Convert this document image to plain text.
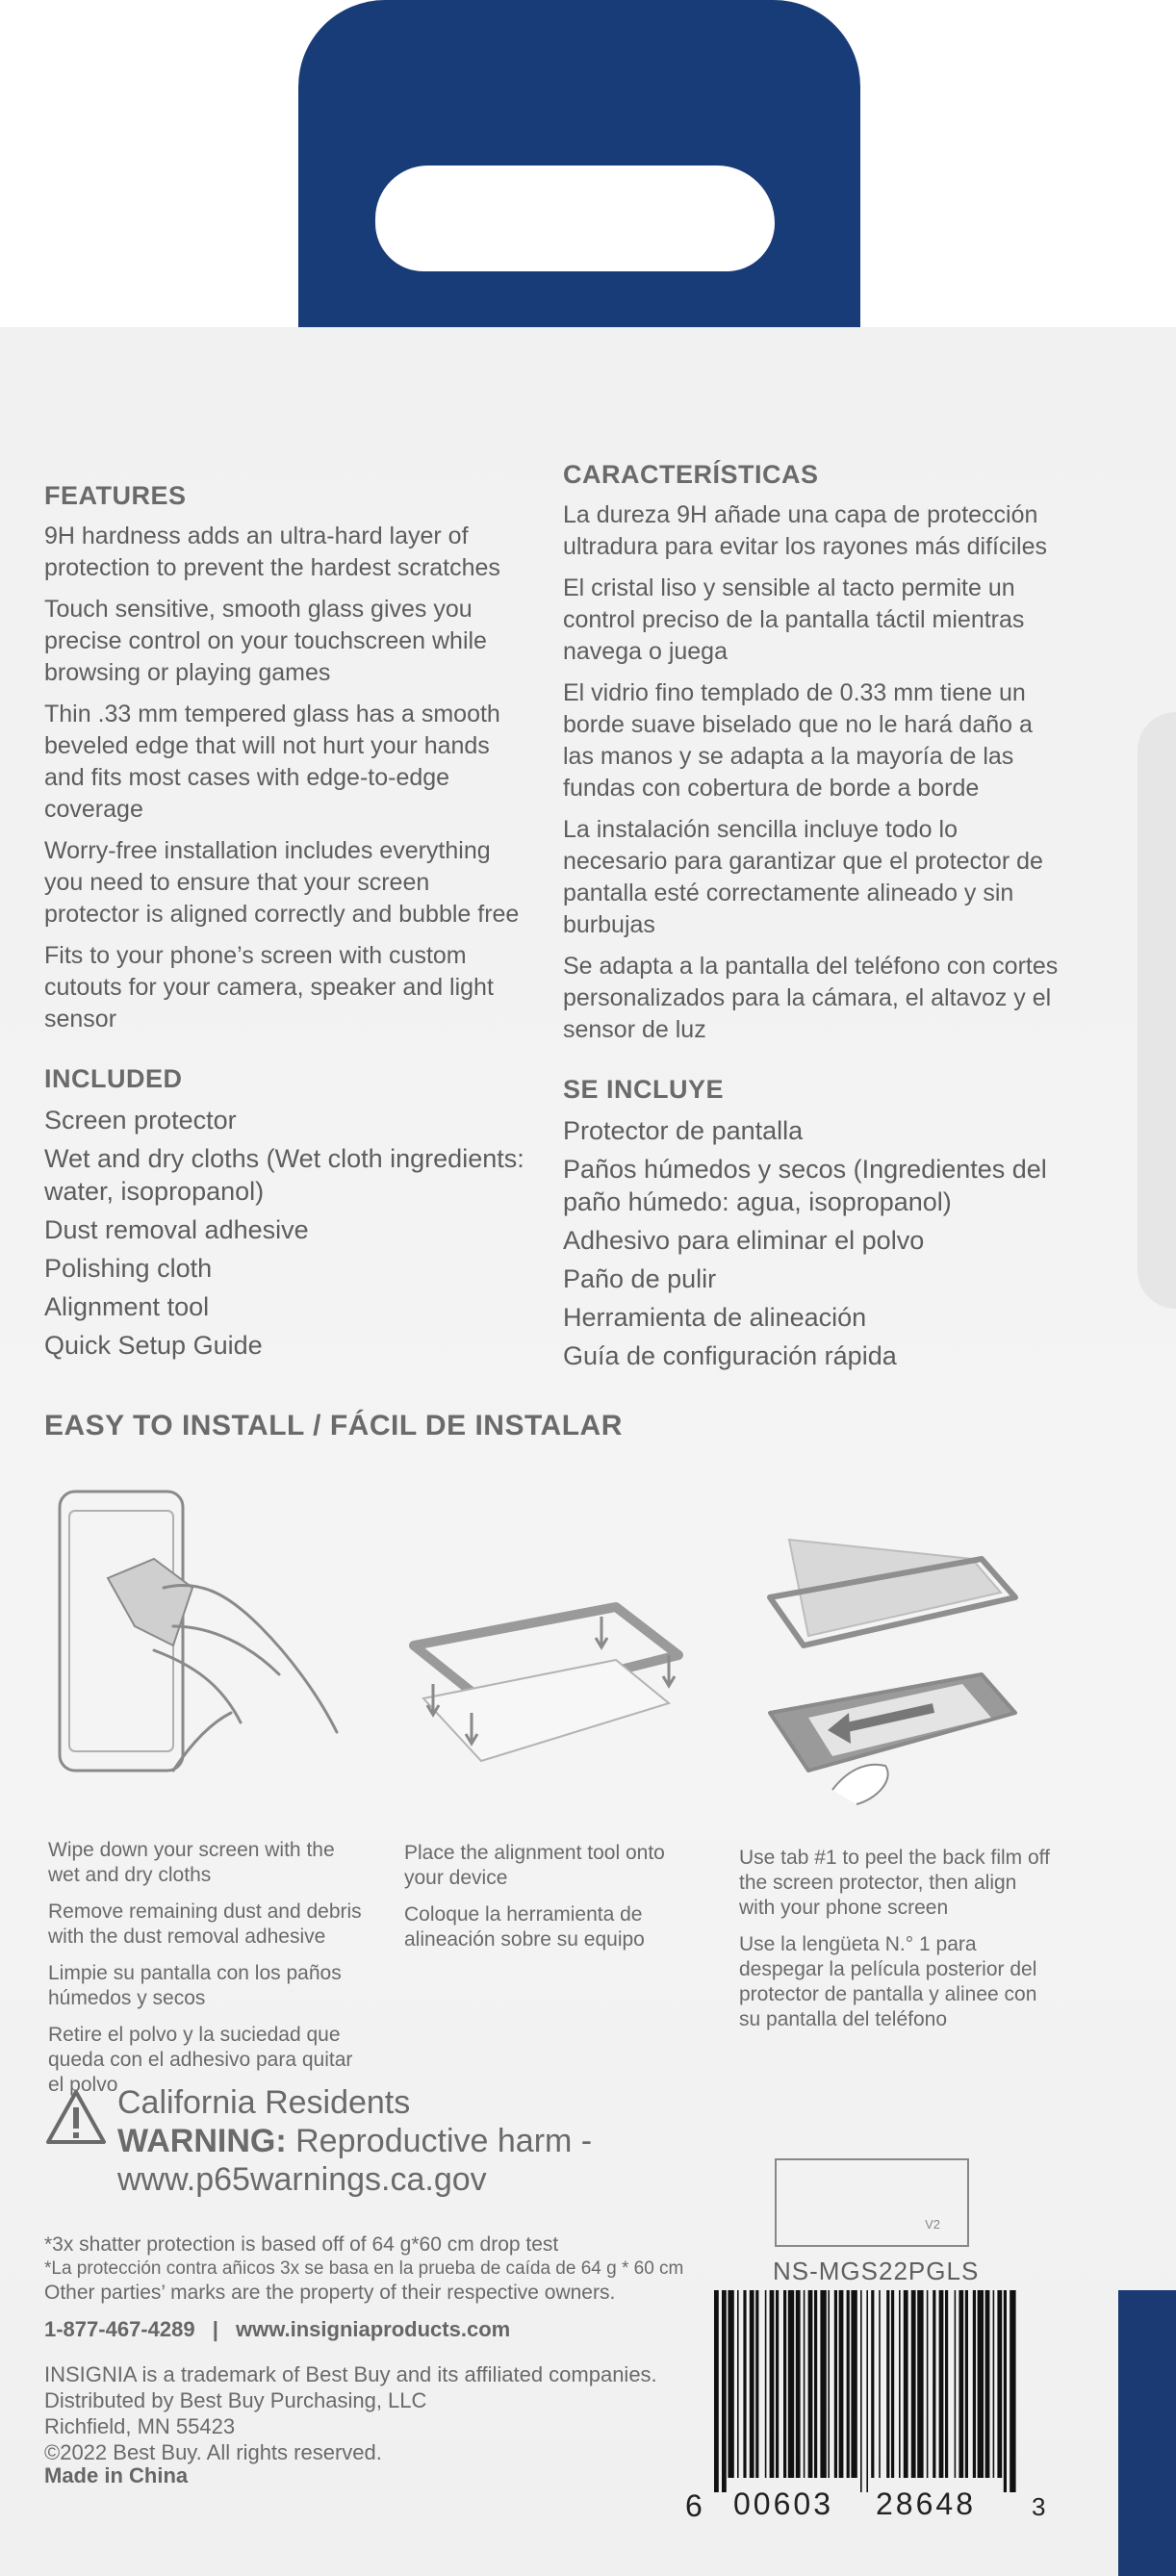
FEATURES
9H hardness adds an ultra-hard layer of protection to prevent the hardest scratches
Touch sensitive, smooth glass gives you precise control on your touchscreen while browsing or playing games
Thin .33 mm tempered glass has a smooth beveled edge that will not hurt your hands and fits most cases with edge-to-edge coverage
Worry-free installation includes everything you need to ensure that your screen protector is aligned correctly and bubble free
Fits to your phone’s screen with custom cutouts for your camera, speaker and light sensor
INCLUDED
Screen protector
Wet and dry cloths (Wet cloth ingredients: water, isopropanol)
Dust removal adhesive
Polishing cloth
Alignment tool
Quick Setup Guide
CARACTERÍSTICAS
La dureza 9H añade una capa de protección ultradura para evitar los rayones más difíciles
El cristal liso y sensible al tacto permite un control preciso de la pantalla táctil mientras navega o juega
El vidrio fino templado de 0.33 mm tiene un borde suave biselado que no le hará daño a las manos y se adapta a la mayoría de las fundas con cobertura de borde a borde
La instalación sencilla incluye todo lo necesario para garantizar que el protector de pantalla esté correctamente alineado y sin burbujas
Se adapta a la pantalla del teléfono con cortes personalizados para la cámara, el altavoz y el sensor de luz
SE INCLUYE
Protector de pantalla
Paños húmedos y secos (Ingredientes del paño húmedo: agua, isopropanol)
Adhesivo para eliminar el polvo
Paño de pulir
Herramienta de alineación
Guía de configuración rápida
EASY TO INSTALL / FÁCIL DE INSTALAR

Wipe down your screen with the wet and dry cloths

Remove remaining dust and debris with the dust removal adhesive

Limpie su pantalla con los paños húmedos y secos

Retire el polvo y la suciedad que queda con el adhesivo para quitar el polvo

Place the alignment tool onto your device

Coloque la herramienta de alineación sobre su equipo

Use tab #1 to peel the back film off the screen protector, then align with your phone screen

Use la lengüeta N.° 1 para despegar la película posterior del protector de pantalla y alinee con su pantalla del teléfono

California Residents
WARNING: Reproductive harm -
www.p65warnings.ca.gov

*3x shatter protection is based off of 64 g*60 cm drop test

*La protección contra añicos 3x se basa en la prueba de caída de 64 g * 60 cm

Other parties’ marks are the property of their respective owners.

1-877-467-4289 | www.insigniaproducts.com

INSIGNIA is a trademark of Best Buy and its affiliated companies.

Distributed by Best Buy Purchasing, LLC

Richfield, MN 55423

©2022 Best Buy. All rights reserved.

Made in China
V2
NS-MGS22PGLS
6 00603 28648 3
